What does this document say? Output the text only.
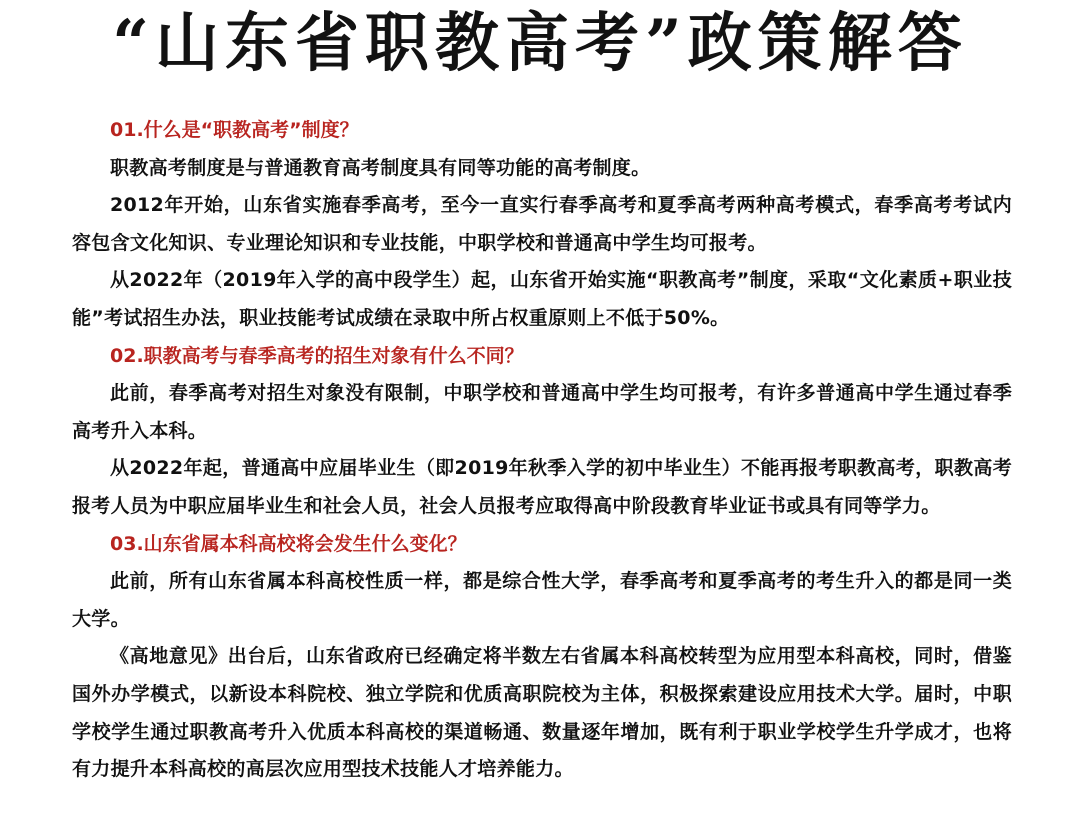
“山东省职教高考”政策解答

01.什么是“职教高考”制度？

职教高考制度是与普通教育高考制度具有同等功能的高考制度。

2012年开始，山东省实施春季高考，至今一直实行春季高考和夏季高考两种高考模式，春季高考考试内容包含文化知识、专业理论知识和专业技能，中职学校和普通高中学生均可报考。

从2022年（2019年入学的高中段学生）起，山东省开始实施“职教高考”制度，采取“文化素质+职业技能”考试招生办法，职业技能考试成绩在录取中所占权重原则上不低于50%。

02.职教高考与春季高考的招生对象有什么不同？

此前，春季高考对招生对象没有限制，中职学校和普通高中学生均可报考，有许多普通高中学生通过春季高考升入本科。

从2022年起，普通高中应届毕业生（即2019年秋季入学的初中毕业生）不能再报考职教高考，职教高考报考人员为中职应届毕业生和社会人员，社会人员报考应取得高中阶段教育毕业证书或具有同等学力。

03.山东省属本科高校将会发生什么变化？

此前，所有山东省属本科高校性质一样，都是综合性大学，春季高考和夏季高考的考生升入的都是同一类大学。

《高地意见》出台后，山东省政府已经确定将半数左右省属本科高校转型为应用型本科高校，同时，借鉴国外办学模式，以新设本科院校、独立学院和优质高职院校为主体，积极探索建设应用技术大学。届时，中职学校学生通过职教高考升入优质本科高校的渠道畅通、数量逐年增加，既有利于职业学校学生升学成才，也将有力提升本科高校的高层次应用型技术技能人才培养能力。
